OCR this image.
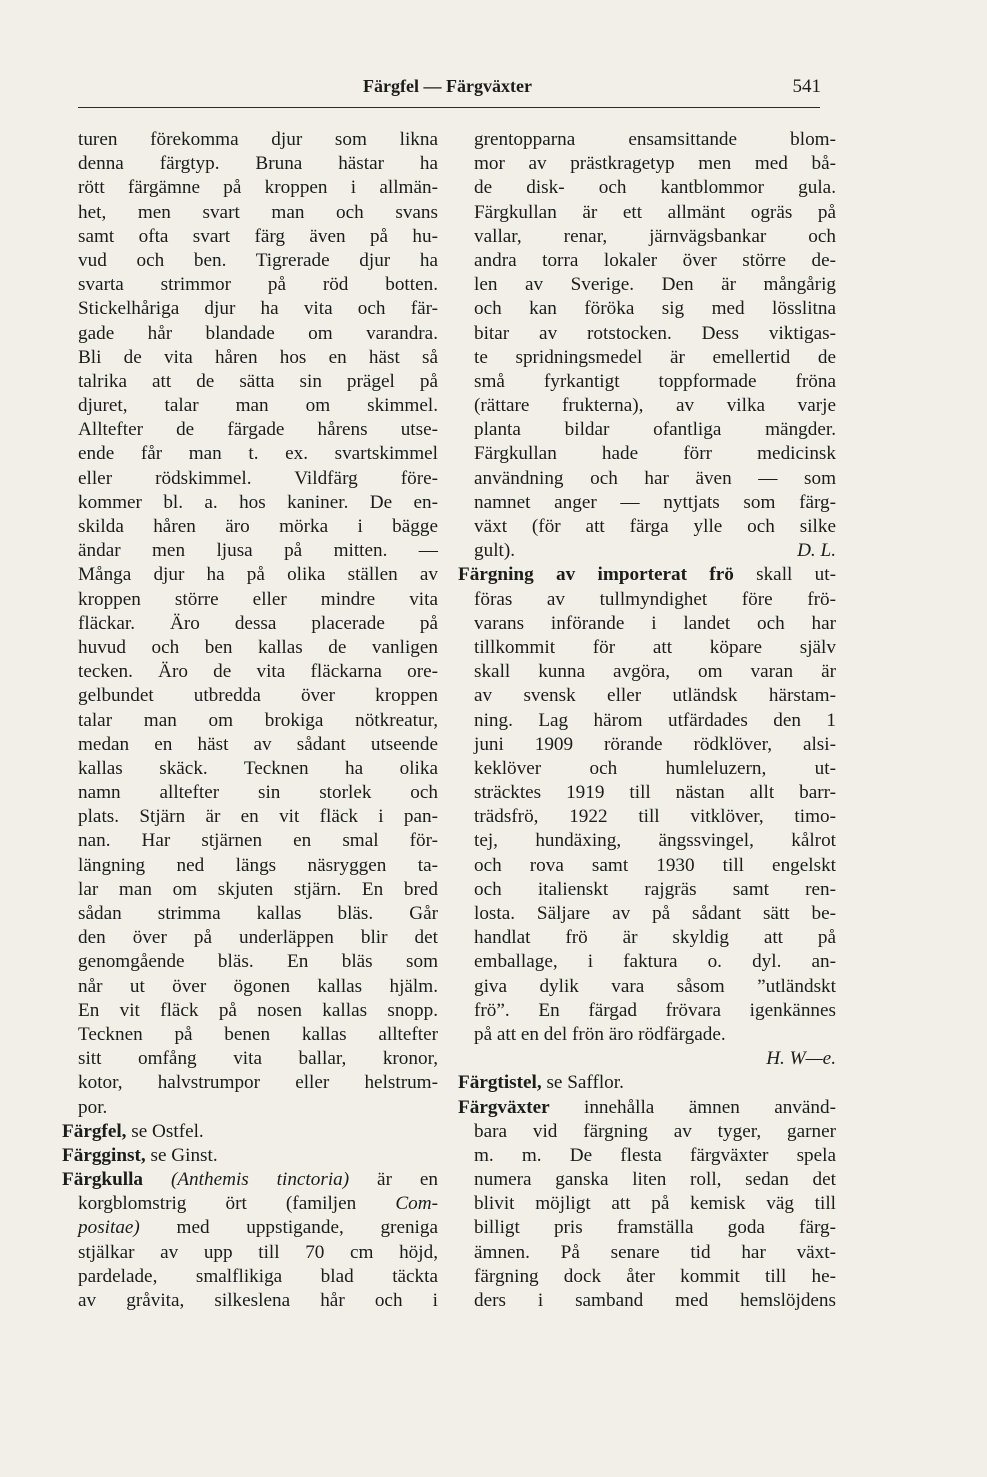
Färgfel — Färgväxter	541
turen förekomma djur som likna
denna färgtyp. Bruna hästar ha
rött färgämne på kroppen i allmän-
het, men svart man och svans
samt ofta svart färg även på hu-
vud och ben. Tigrerade djur ha
svarta strimmor på röd botten.
Stickelhåriga djur ha vita och fär-
gade hår blandade om varandra.
Bli de vita håren hos en häst så
talrika att de sätta sin prägel på
djuret, talar man om skimmel.
Alltefter de färgade hårens utse-
ende får man t. ex. svartskimmel
eller rödskimmel. Vildfärg före-
kommer bl. a. hos kaniner. De en-
skilda håren äro mörka i bägge
ändar men ljusa på mitten. —
Många djur ha på olika ställen av
kroppen större eller mindre vita
fläckar. Äro dessa placerade på
huvud och ben kallas de vanligen
tecken. Äro de vita fläckarna ore-
gelbundet utbredda över kroppen
talar man om brokiga nötkreatur,
medan en häst av sådant utseende
kallas skäck. Tecknen ha olika
namn alltefter sin storlek och
plats. Stjärn är en vit fläck i pan-
nan. Har stjärnen en smal för-
längning ned längs näsryggen ta-
lar man om skjuten stjärn. En bred
sådan strimma kallas bläs. Går
den över på underläppen blir det
genomgående bläs. En bläs som
når ut över ögonen kallas hjälm.
En vit fläck på nosen kallas snopp.
Tecknen på benen kallas alltefter
sitt omfång vita ballar, kronor,
kotor, halvstrumpor eller helstrum-
por.
Färgfel, se Ostfel.
Färgginst, se Ginst.
Färgkulla (Anthemis tinctoria) är en
korgblomstrig ört (familjen Com-
positae) med uppstigande, greniga
stjälkar av upp till 70 cm höjd,
pardelade, smalflikiga blad täckta
av gråvita, silkeslena hår och i
grentopparna ensamsittande blom-
mor av prästkragetyp men med bå-
de disk- och kantblommor gula.
Färgkullan är ett allmänt ogräs på
vallar, renar, järnvägsbankar och
andra torra lokaler över större de-
len av Sverige. Den är mångårig
och kan föröka sig med lösslitna
bitar av rotstocken. Dess viktigas-
te spridningsmedel är emellertid de
små fyrkantigt toppformade fröna
(rättare frukterna), av vilka varje
planta bildar ofantliga mängder.
Färgkullan hade förr medicinsk
användning och har även — som
namnet anger — nyttjats som färg-
växt (för att färga ylle och silke
gult).	D. L.
Färgning av importerat frö skall ut-
föras av tullmyndighet före frö-
varans införande i landet och har
tillkommit för att köpare själv
skall kunna avgöra, om varan är
av svensk eller utländsk härstam-
ning. Lag härom utfärdades den 1
juni 1909 rörande rödklöver, alsi-
keklöver och humleluzern, ut-
sträcktes 1919 till nästan allt barr-
trädsfrö, 1922 till vitklöver, timo-
tej, hundäxing, ängssvingel, kålrot
och rova samt 1930 till engelskt
och italienskt rajgräs samt ren-
losta. Säljare av på sådant sätt be-
handlat frö är skyldig att på
emballage, i faktura o. dyl. an-
giva dylik vara såsom ”utländskt
frö”. En färgad frövara igenkännes
på att en del frön äro rödfärgade.
H. W—e.
Färgtistel, se Safflor.
Färgväxter innehålla ämnen använd-
bara vid färgning av tyger, garner
m. m. De flesta färgväxter spela
numera ganska liten roll, sedan det
blivit möjligt att på kemisk väg till
billigt pris framställa goda färg-
ämnen. På senare tid har växt-
färgning dock åter kommit till he-
ders i samband med hemslöjdens
